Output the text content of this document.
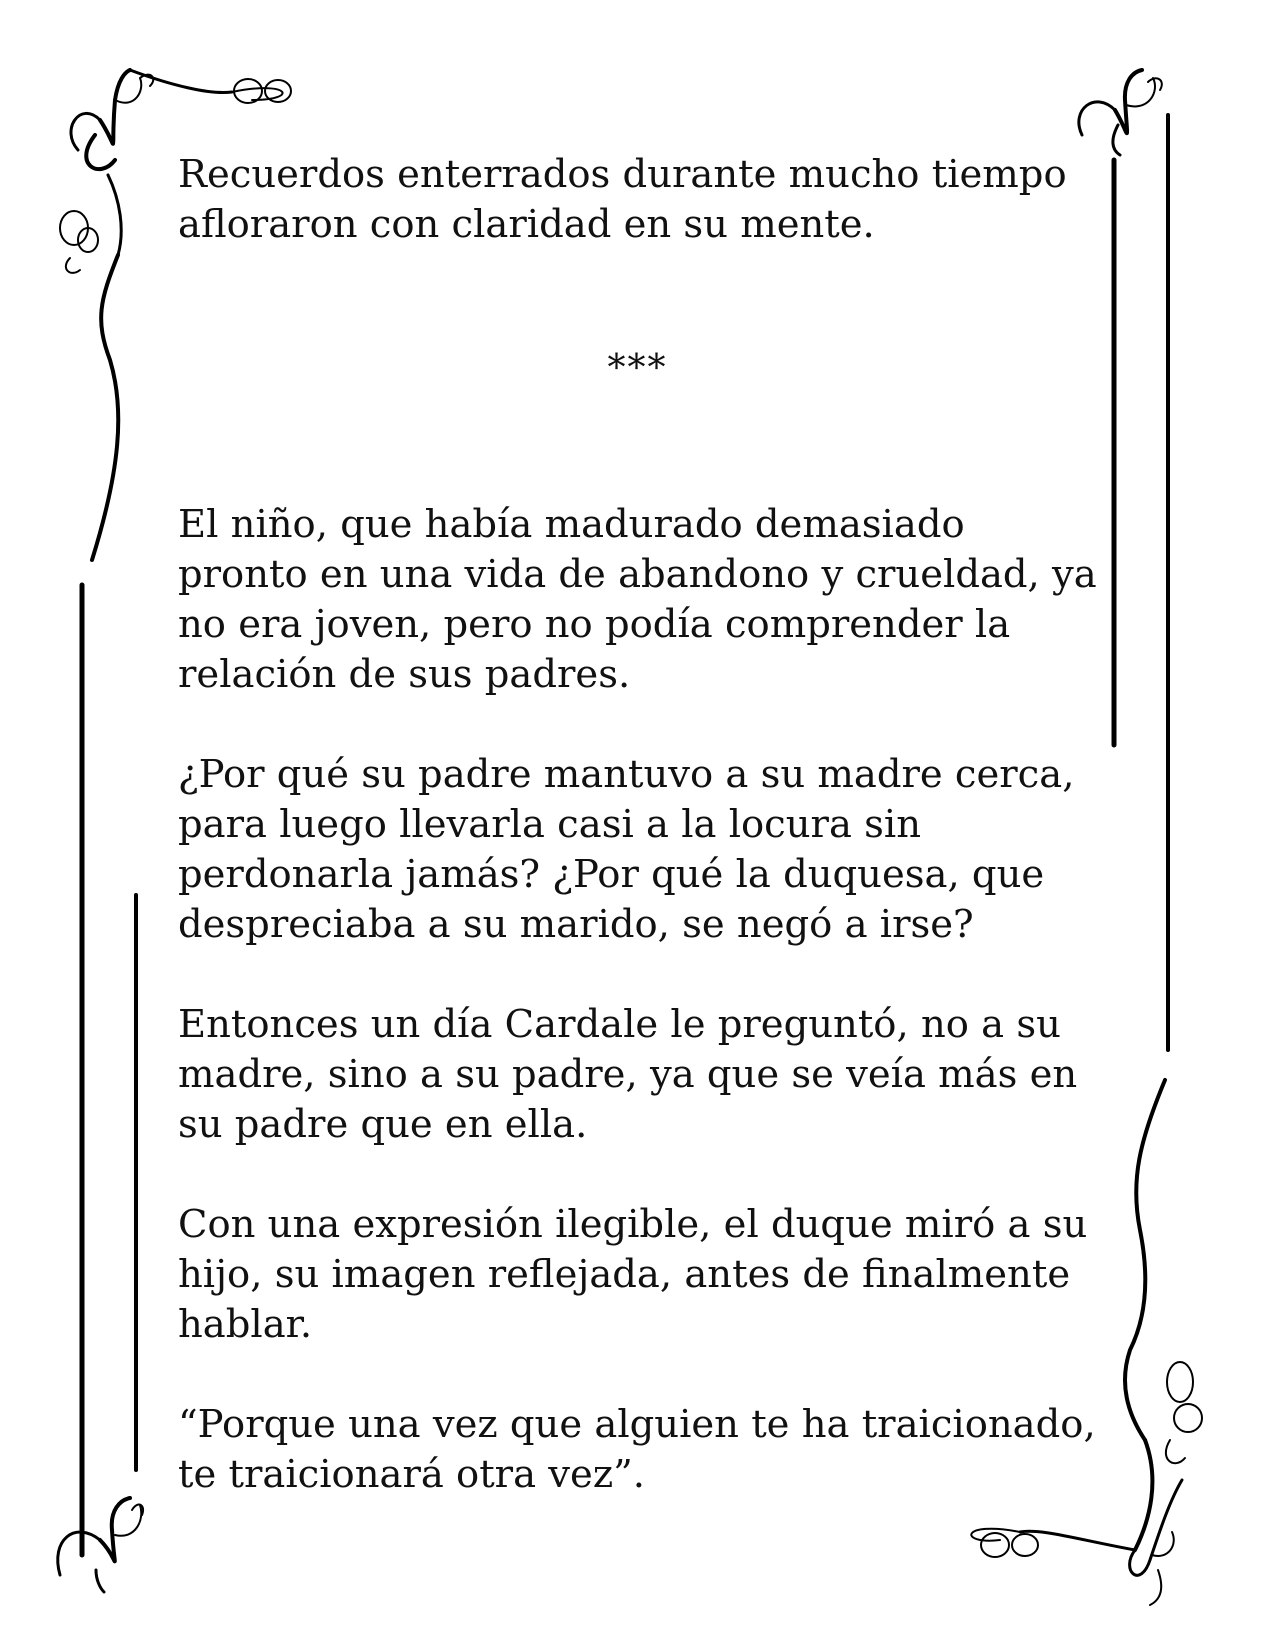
Recuerdos enterrados durante mucho tiempo afloraron con claridad en su mente.

***

El niño, que había madurado demasiado pronto en una vida de abandono y crueldad, ya no era joven, pero no podía comprender la relación de sus padres.

¿Por qué su padre mantuvo a su madre cerca, para luego llevarla casi a la locura sin perdonarla jamás? ¿Por qué la duquesa, que despreciaba a su marido, se negó a irse?

Entonces un día Cardale le preguntó, no a su madre, sino a su padre, ya que se veía más en su padre que en ella.

Con una expresión ilegible, el duque miró a su hijo, su imagen reflejada, antes de finalmente hablar.

“Porque una vez que alguien te ha traicionado, te traicionará otra vez”.
